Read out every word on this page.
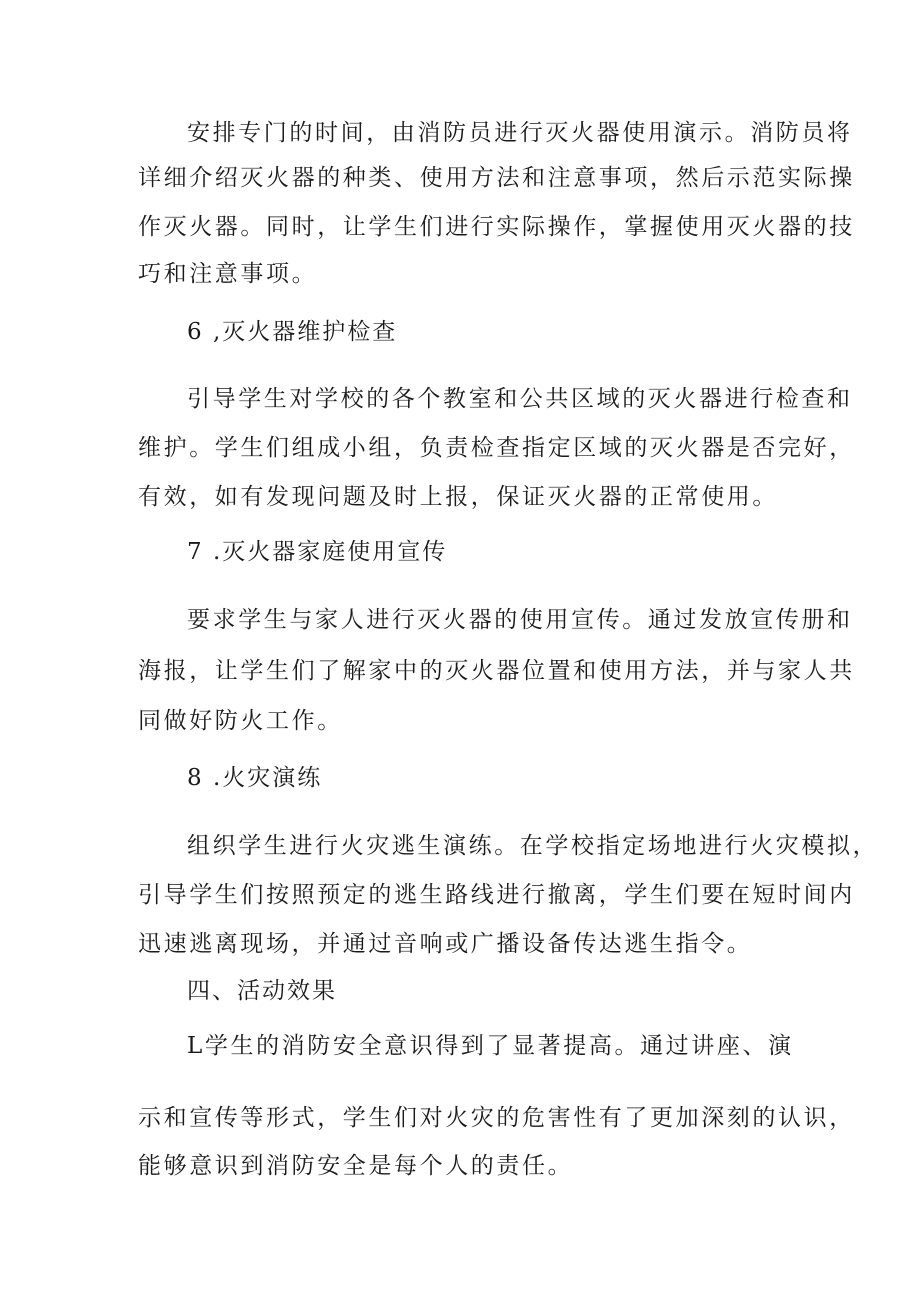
安排专门的时间，由消防员进行灭火器使用演示。消防员将
详细介绍灭火器的种类、使用方法和注意事项，然后示范实际操
作灭火器。同时，让学生们进行实际操作，掌握使用灭火器的技
巧和注意事项。
6 ,灭火器维护检查
引导学生对学校的各个教室和公共区域的灭火器进行检查和
维护。学生们组成小组，负责检查指定区域的灭火器是否完好，
有效，如有发现问题及时上报，保证灭火器的正常使用。
7 .灭火器家庭使用宣传
要求学生与家人进行灭火器的使用宣传。通过发放宣传册和
海报，让学生们了解家中的灭火器位置和使用方法，并与家人共
同做好防火工作。
8 .火灾演练
组织学生进行火灾逃生演练。在学校指定场地进行火灾模拟，
引导学生们按照预定的逃生路线进行撤离，学生们要在短时间内
迅速逃离现场，并通过音响或广播设备传达逃生指令。
四、活动效果
L学生的消防安全意识得到了显著提高。通过讲座、演
示和宣传等形式，学生们对火灾的危害性有了更加深刻的认识，
能够意识到消防安全是每个人的责任。
